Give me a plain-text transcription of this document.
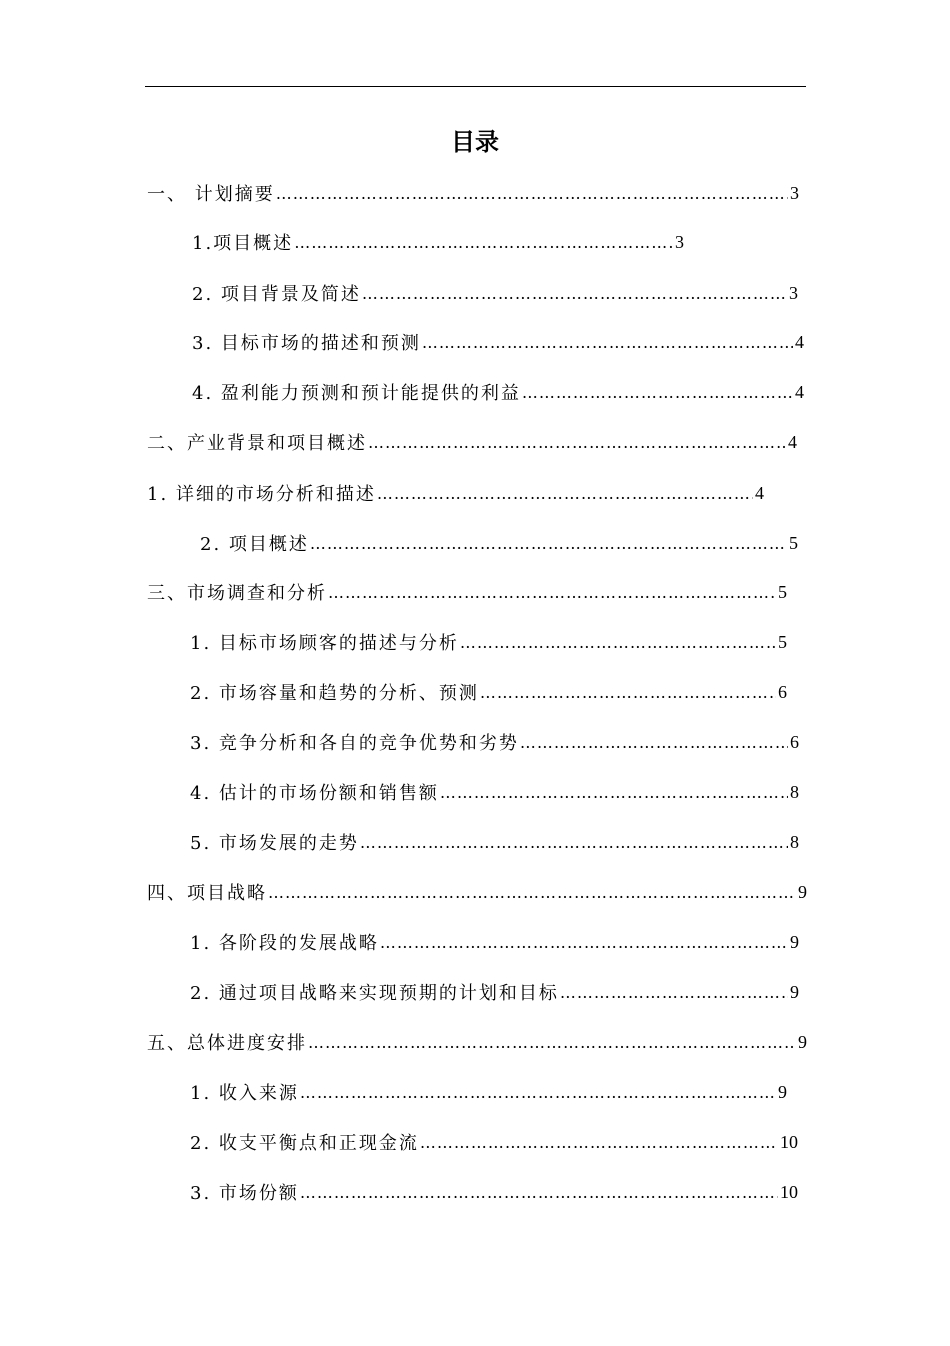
目录
一、 计划摘要 …………………………………………………………………………………………………………………………………………………………………………	3
1.项目概述 …………………………………………………………………………………………………………………………………………………………………………	3
2. 项目背景及简述 …………………………………………………………………………………………………………………………………………………………………………	3
3. 目标市场的描述和预测 …………………………………………………………………………………………………………………………………………………………………………	4
4. 盈利能力预测和预计能提供的利益 …………………………………………………………………………………………………………………………………………………………………………	4
二、产业背景和项目概述 …………………………………………………………………………………………………………………………………………………………………………	4
1. 详细的市场分析和描述 …………………………………………………………………………………………………………………………………………………………………………	4
2. 项目概述 …………………………………………………………………………………………………………………………………………………………………………	5
三、市场调查和分析 …………………………………………………………………………………………………………………………………………………………………………	5
1. 目标市场顾客的描述与分析 …………………………………………………………………………………………………………………………………………………………………………	5
2. 市场容量和趋势的分析、预测 …………………………………………………………………………………………………………………………………………………………………………	6
3. 竞争分析和各自的竞争优势和劣势 …………………………………………………………………………………………………………………………………………………………………………	6
4. 估计的市场份额和销售额 …………………………………………………………………………………………………………………………………………………………………………	8
5. 市场发展的走势 …………………………………………………………………………………………………………………………………………………………………………	8
四、项目战略 …………………………………………………………………………………………………………………………………………………………………………	9
1. 各阶段的发展战略 …………………………………………………………………………………………………………………………………………………………………………	9
2. 通过项目战略来实现预期的计划和目标 …………………………………………………………………………………………………………………………………………………………………………	9
五、总体进度安排 …………………………………………………………………………………………………………………………………………………………………………	9
1. 收入来源 …………………………………………………………………………………………………………………………………………………………………………	9
2. 收支平衡点和正现金流 …………………………………………………………………………………………………………………………………………………………………………	10
3. 市场份额 …………………………………………………………………………………………………………………………………………………………………………	10
